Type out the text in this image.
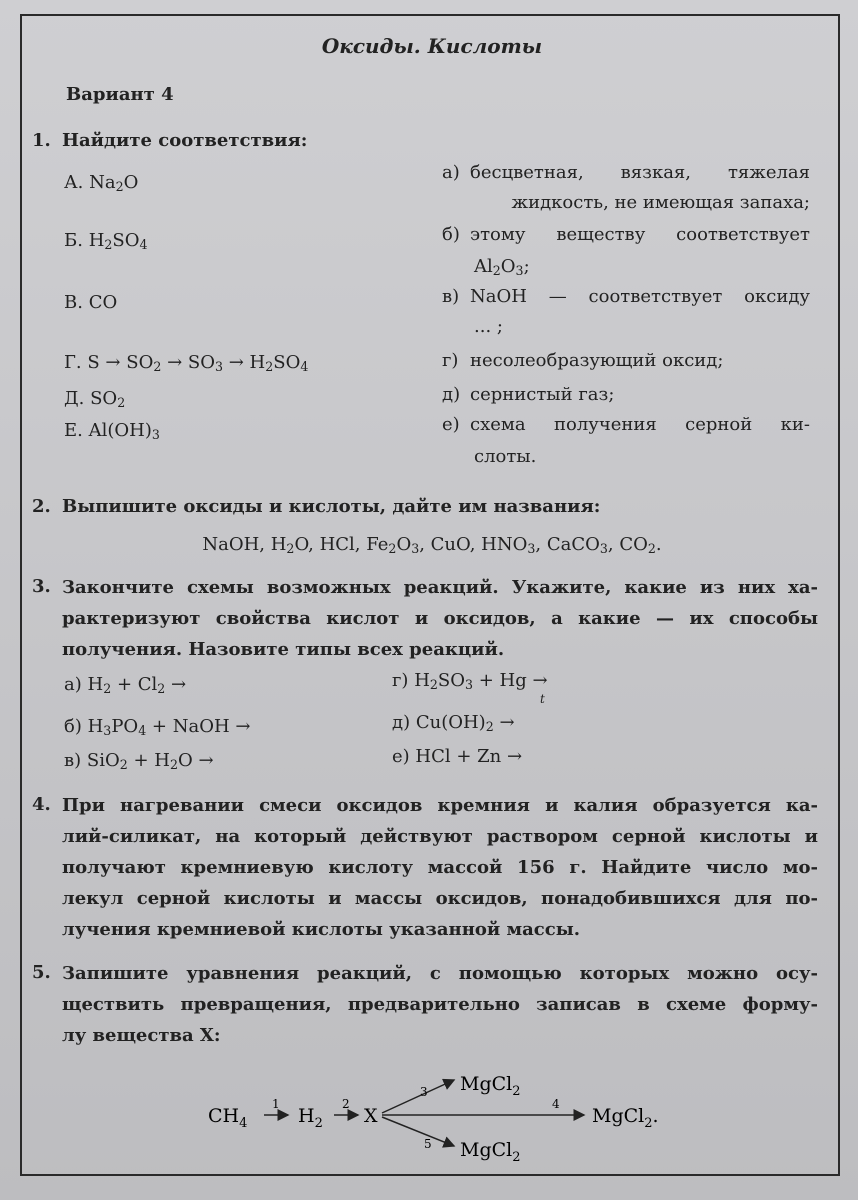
Оксиды. Кислоты
Вариант 4
1. Найдите соответствия:
А. $Na_2O$
Б. $H_2SO_4$
В. CO
Г. $S \to SO_2 \to SO_3 \to H_2SO_4$
Д. $SO_2$
Е. $Al(OH)_3$
а) бесцветная, вязкая, тяжелая
жидкость, не имеющая запаха;
б) этому веществу соответствует
$Al_2O_3$;
в) NaOH — соответствует оксиду
... ;
г) несолеобразующий оксид;
д) сернистый газ;
е) схема получения серной ки-
слоты.
2. Выпишите оксиды и кислоты, дайте им названия:
NaOH, $H_2O$, HCl, $Fe_2O_3$, CuO, $HNO_3$, CaCO$_3$, $CO_2$.
3. Закончите схемы возможных реакций. Укажите, какие из них ха-
рактеризуют свойства кислот и оксидов, а какие — их способы
получения. Назовите типы всех реакций.
а) $H_2 + Cl_2$ →	г) $H_2SO_3 + Hg$ →
б) $H_3PO_4$ + NaOH →	д) $Cu(OH)_2$ →
t
в) $SiO_2 + H_2O$ →	е) HCl + Zn →
4. При нагревании смеси оксидов кремния и калия образуется ка-
лий-силикат, на который действуют раствором серной кислоты и
получают кремниевую кислоту массой 156 г. Найдите число мо-
лекул серной кислоты и массы оксидов, понадобившихся для по-
лучения кремниевой кислоты указанной массы.
5. Запишите уравнения реакций, с помощью которых можно осу-
ществить превращения, предварительно записав в схеме форму-
лу вещества X:
$CH_4$
1
$H_2$
2
X
3 MgCl$_2$
4
MgCl$_2$.
5 MgCl$_2$
